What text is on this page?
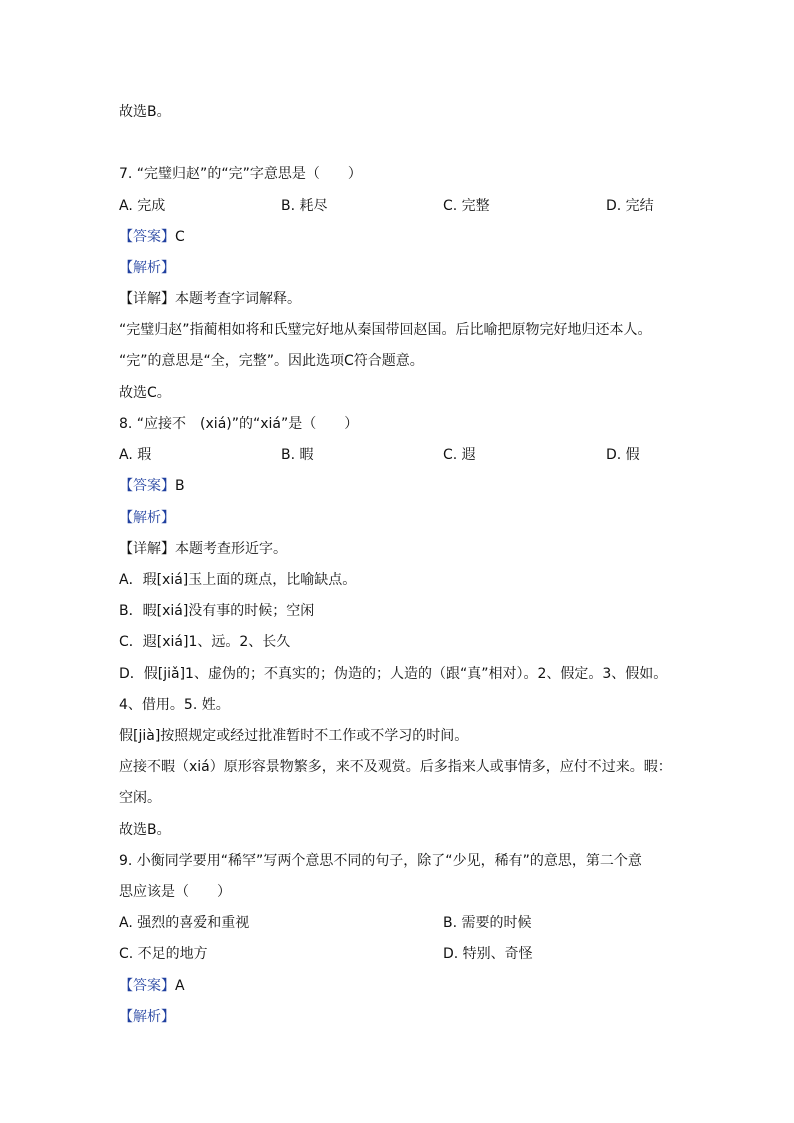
故选B。
7. “完璧归赵”的“完”字意思是（　　）
A. 完成	B. 耗尽	C. 完整	D. 完结
【答案】C
【解析】
【详解】本题考查字词解释。
“完璧归赵”指蔺相如将和氏璧完好地从秦国带回赵国。后比喻把原物完好地归还本人。
“完”的意思是“全，完整”。因此选项C符合题意。
故选C。
8. “应接不　(xiá)”的“xiá”是（　　）
A. 瑕	B. 暇	C. 遐	D. 假
【答案】B
【解析】
【详解】本题考查形近字。
A．瑕[xiá]玉上面的斑点，比喻缺点。
B．暇[xiá]没有事的时候；空闲
C．遐[xiá]1、远。2、长久
D．假[jiǎ]1、虚伪的；不真实的；伪造的；人造的（跟“真”相对）。2、假定。3、假如。
4、借用。5. 姓。
假[jià]按照规定或经过批准暂时不工作或不学习的时间。
应接不暇（xiá）原形容景物繁多，来不及观赏。后多指来人或事情多，应付不过来。暇：
空闲。
故选B。
9. 小衡同学要用“稀罕”写两个意思不同的句子，除了“少见，稀有”的意思，第二个意
思应该是（　　）
A. 强烈的喜爱和重视	B. 需要的时候
C. 不足的地方	D. 特别、奇怪
【答案】A
【解析】
